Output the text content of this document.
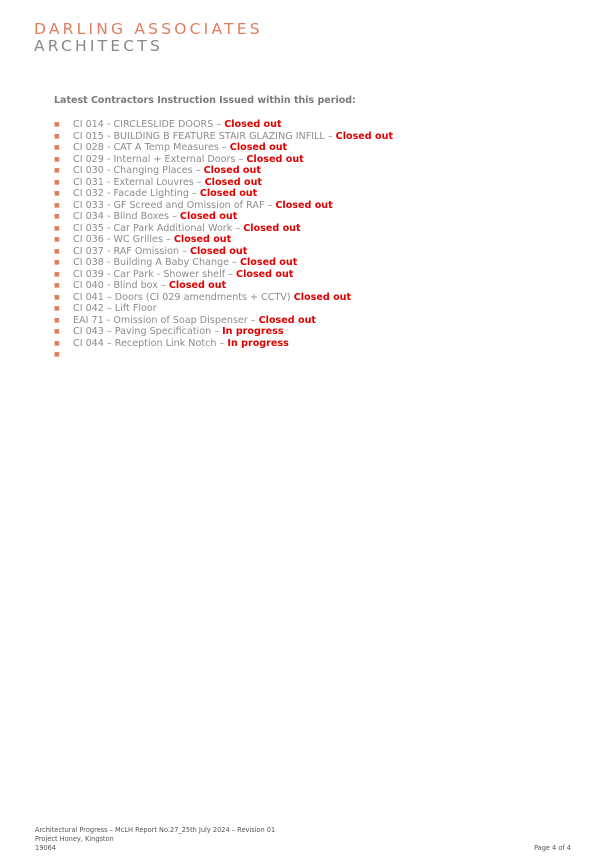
DARLING ASSOCIATES
ARCHITECTS
Latest Contractors Instruction Issued within this period:
■ CI 014 - CIRCLESLIDE DOORS – Closed out
■ CI 015 - BUILDING B FEATURE STAIR GLAZING INFILL – Closed out
■ CI 028 - CAT A Temp Measures – Closed out
■ CI 029 - Internal + External Doors – Closed out
■ CI 030 - Changing Places – Closed out
■ CI 031 - External Louvres – Closed out
■ CI 032 - Facade Lighting – Closed out
■ CI 033 - GF Screed and Omission of RAF – Closed out
■ CI 034 - Blind Boxes – Closed out
■ CI 035 - Car Park Additional Work – Closed out
■ CI 036 - WC Grilles – Closed out
■ CI 037 - RAF Omission – Closed out
■ CI 038 - Building A Baby Change – Closed out
■ CI 039 - Car Park - Shower shelf – Closed out
■ CI 040 - Blind box – Closed out
■ CI 041 – Doors (CI 029 amendments + CCTV) Closed out
■ CI 042 – Lift Floor
■ EAI 71 - Omission of Soap Dispenser – Closed out
■ CI 043 – Paving Specification – In progress
■ CI 044 – Reception Link Notch – In progress
■
Architectural Progress – McLH Report No.27_25th July 2024 – Revision 01
Project Honey, Kingston
19064	Page 4 of 4
